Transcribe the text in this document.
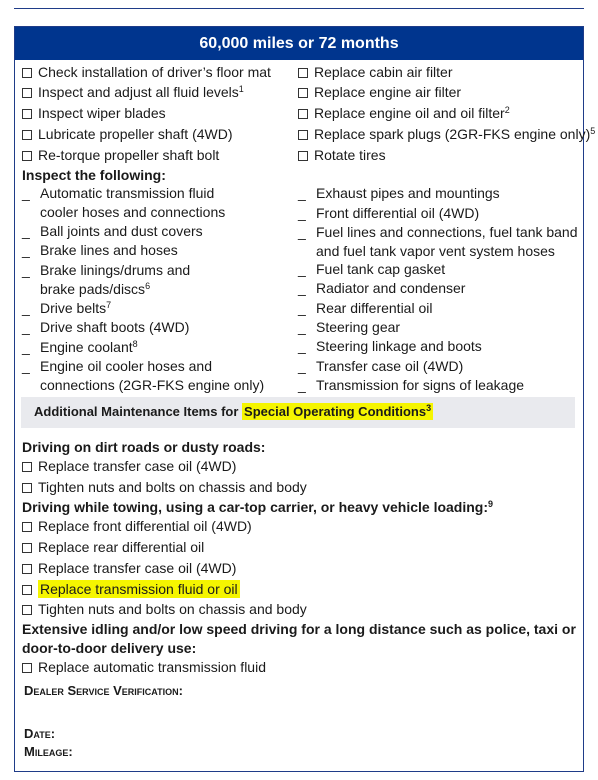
60,000 miles or 72 months
Check installation of driver’s floor mat
Inspect and adjust all fluid levels$^1$
Inspect wiper blades
Lubricate propeller shaft (4WD)
Re-torque propeller shaft bolt
Replace cabin air filter
Replace engine air filter
Replace engine oil and oil filter$^2$
Replace spark plugs (2GR-FKS engine only)$^5$
Rotate tires
Inspect the following:
_ Automatic transmission fluid
cooler hoses and connections
_ Ball joints and dust covers
_ Brake lines and hoses
_ Brake linings/drums and
brake pads/discs$^6$
_ Drive belts$^7$
_ Drive shaft boots (4WD)
_ Engine coolant$^8$
_ Engine oil cooler hoses and
connections (2GR-FKS engine only)
_ Exhaust pipes and mountings
_ Front differential oil (4WD)
_ Fuel lines and connections, fuel tank band
and fuel tank vapor vent system hoses
_ Fuel tank cap gasket
_ Radiator and condenser
_ Rear differential oil
_ Steering gear
_ Steering linkage and boots
_ Transfer case oil (4WD)
_ Transmission for signs of leakage
Additional Maintenance Items for Special Operating Conditions$^3$
Driving on dirt roads or dusty roads:
Replace transfer case oil (4WD)
Tighten nuts and bolts on chassis and body
Driving while towing, using a car-top carrier, or heavy vehicle loading:$^9$
Replace front differential oil (4WD)
Replace rear differential oil
Replace transfer case oil (4WD)
Replace transmission fluid or oil
Tighten nuts and bolts on chassis and body
Extensive idling and/or low speed driving for a long distance such as police, taxi or
door-to-door delivery use:
Replace automatic transmission fluid
Dealer Service Verification:
Date:
Mileage:
